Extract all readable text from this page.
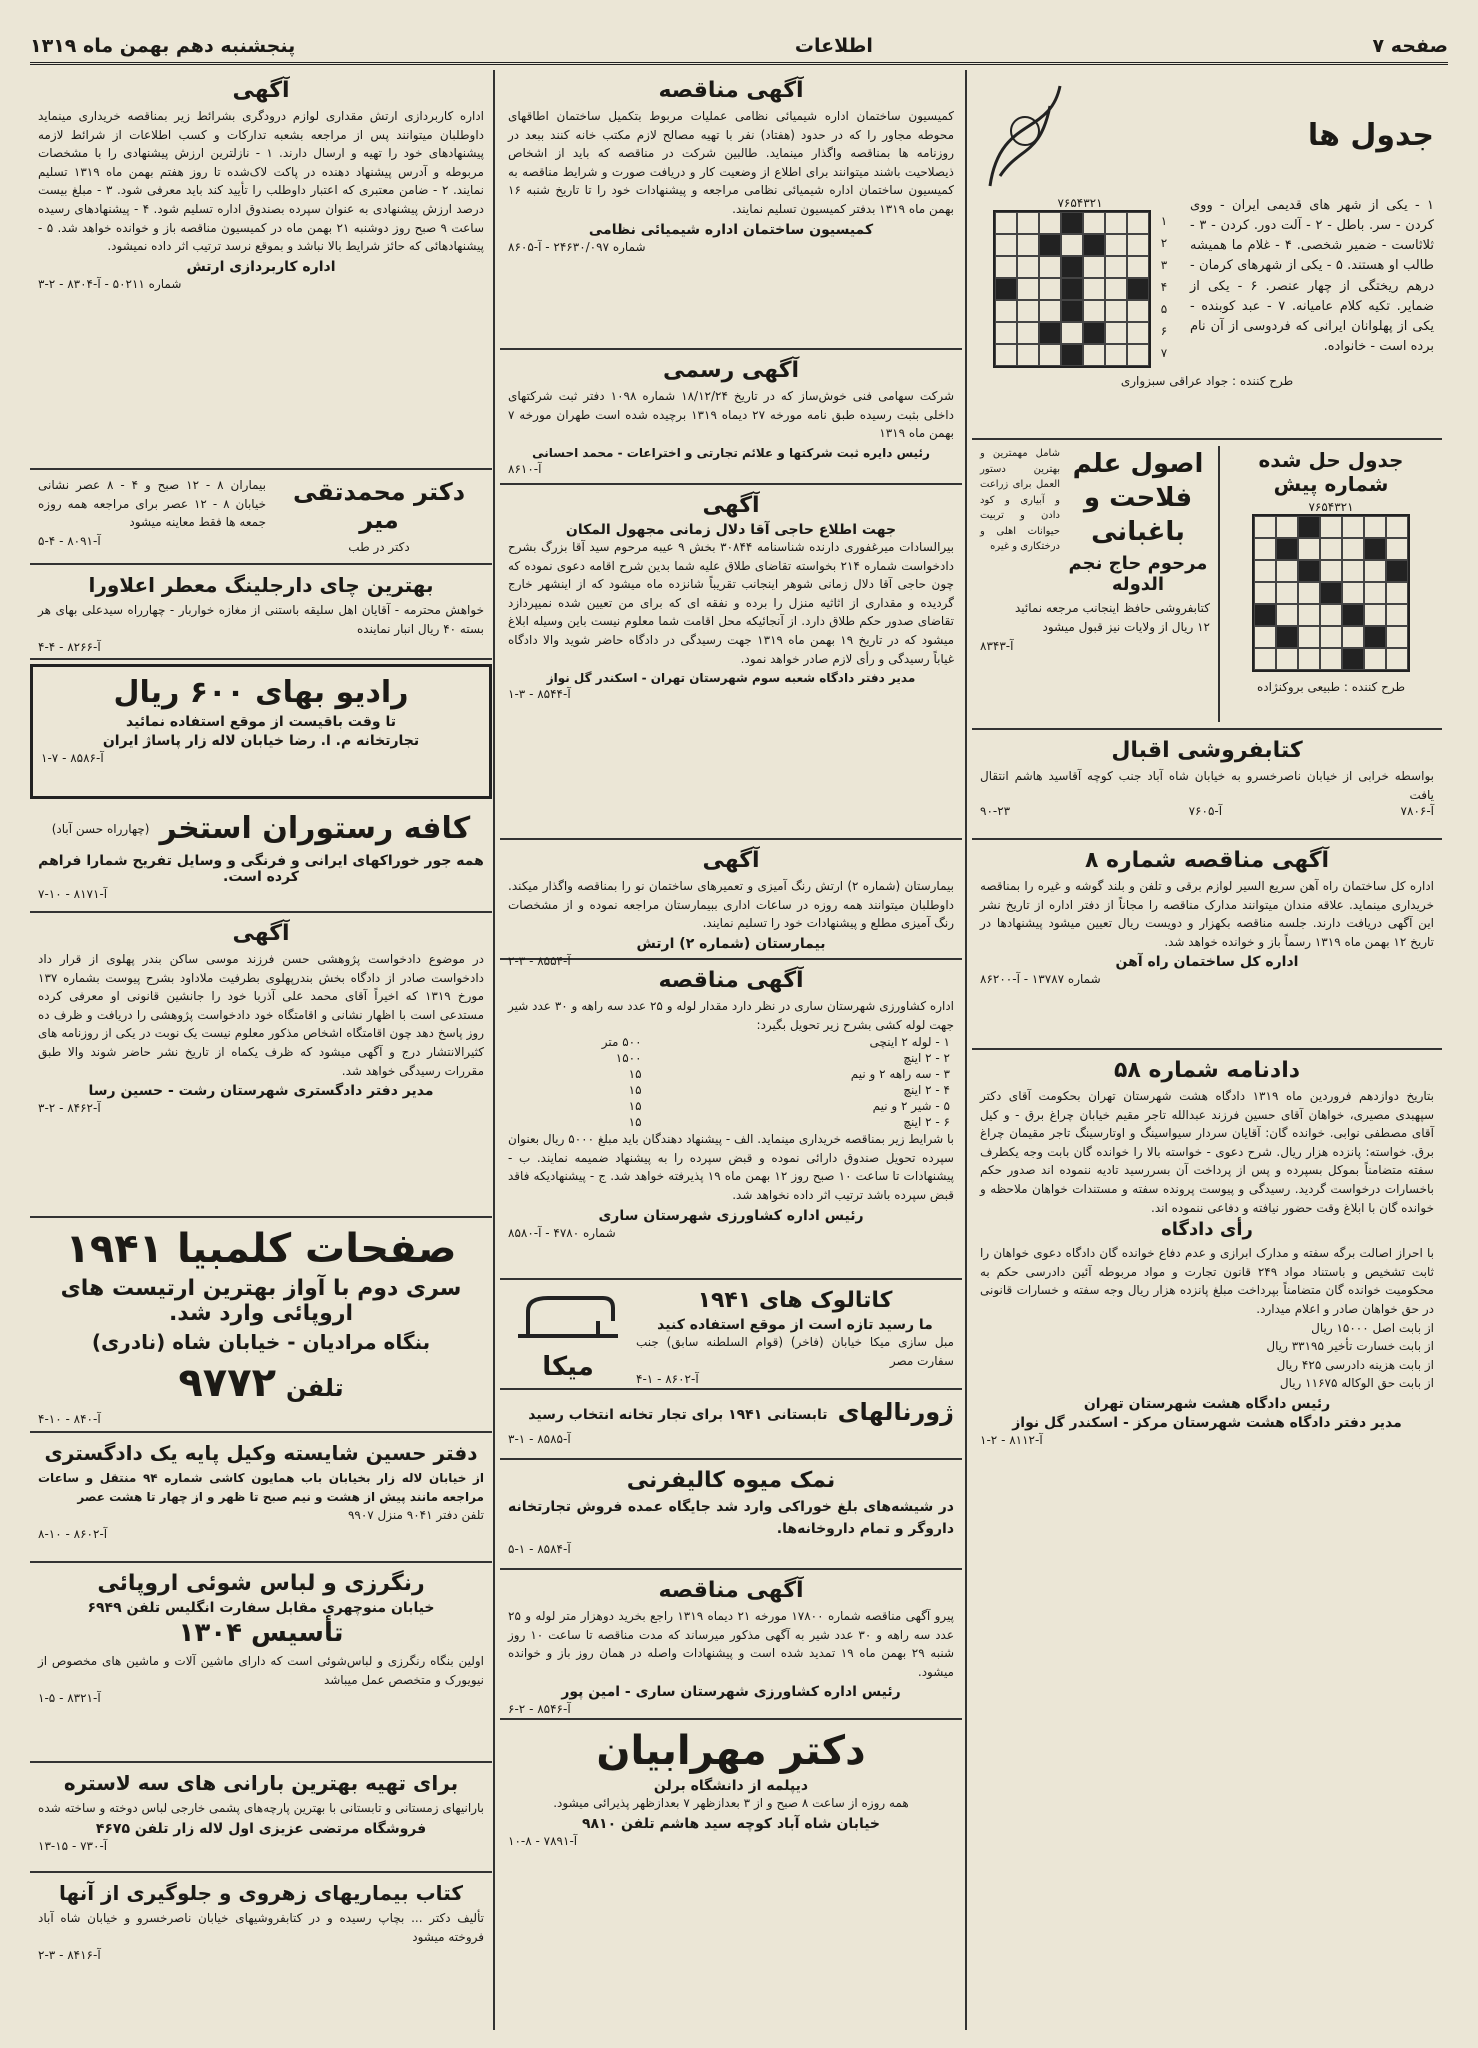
صفحه ۷
اطلاعات
پنجشنبه دهم بهمن ماه ۱۳۱۹
جدول ها
۱ - یکی از شهر های قدیمی ایران - ووی کردن - سر. باطل - ۲ - آلت دور. کردن - ۳ - ثلاثاست - ضمیر شخصی. ۴ - غلام ما همیشه طالب او هستند. ۵ - یکی از شهرهای کرمان - درهم ریختگی از چهار عنصر. ۶ - یکی از ضمایر. تکیه کلام عامیانه. ۷ - عبد کوبنده - یکی از پهلوانان ایرانی که فردوسی از آن نام برده است - خانواده.
۷۶۵۴۳۲۱
۱
۲
۳
۴
۵
۶
۷
طرح کننده : جواد عراقی سبزواری
جدول حل شده شماره پیش
۷۶۵۴۳۲۱
طرح کننده : طبیعی بروکنژاده
اصول علم فلاحت و باغبانی
مرحوم حاج نجم الدوله
شامل مهمترین و بهترین دستور العمل برای زراعت و آبیاری و کود دادن و تربیت حیوانات اهلی و درختکاری و غیره
کتابفروشی حافظ اینجانب مرجعه نمائید
۱۲ ریال از ولایات نیز قبول میشود
آ-۸۳۴۳
کتابفروشی اقبال
بواسطه خرابی از خیابان ناصرخسرو به خیابان شاه آباد جنب کوچه آقاسید هاشم انتقال یافت
آ-۷۸۰۶
آ-۷۶۰۵
۹۰-۲۳
آگهی مناقصه شماره ۸
اداره کل ساختمان راه آهن سریع السیر لوازم برقی و تلفن و بلند گوشه و غیره را بمناقصه خریداری مینماید. علاقه مندان میتوانند مدارک مناقصه را مجاناً از دفتر اداره از تاریخ نشر این آگهی دریافت دارند. جلسه مناقصه بکهزار و دویست ریال تعیین میشود پیشنهادها در تاریخ ۱۲ بهمن ماه ۱۳۱۹ رسماً باز و خوانده خواهد شد.
اداره کل ساختمان راه آهن
شماره ۱۳۷۸۷ - آ-۸۶۲۰۰
دادنامه شماره ۵۸
بتاریخ دوازدهم فروردین ماه ۱۳۱۹ دادگاه هشت شهرستان تهران بحکومت آقای دکتر سپهبدی مصیری، خواهان آقای حسین فرزند عبدالله تاجر مقیم خیابان چراغ برق - و کیل آقای مصطفی نوابی. خوانده گان: آقایان سردار سیواسینگ و اوتارسینگ تاجر مقیمان چراغ برق. خواسته: پانزده هزار ریال. شرح دعوی - خواسته بالا را خوانده گان بابت وجه یکطرف سفته متضامناً بموکل بسپرده و پس از پرداخت آن بسررسید تادیه ننموده اند صدور حکم باخسارات درخواست گردید. رسیدگی و پیوست پرونده سفته و مستندات خواهان ملاحظه و خوانده گان با ابلاغ وقت حضور نیافته و دفاعی ننموده اند.
رأی دادگاه
با احراز اصالت برگه سفته و مدارک ابرازی و عدم دفاع خوانده گان دادگاه دعوی خواهان را ثابت تشخیص و باستناد مواد ۲۴۹ قانون تجارت و مواد مربوطه آئین دادرسی حکم به محکومیت خوانده گان متضامناً بپرداخت مبلغ پانزده هزار ریال وجه سفته و خسارات قانونی در حق خواهان صادر و اعلام میدارد.
از بابت اصل ۱۵۰۰۰ ریال
از بابت خسارت تأخیر ۳۳۱۹۵ ریال
از بابت هزینه دادرسی ۴۲۵ ریال
از بابت حق الوکاله ۱۱۶۷۵ ریال
رئیس دادگاه هشت شهرستان تهران
مدیر دفتر دادگاه هشت شهرستان مرکز - اسکندر گل نواز
آ-۸۱۱۲ - ۲-۱
آگهی مناقصه
کمیسیون ساختمان اداره شیمیائی نظامی عملیات مربوط بتکمیل ساختمان اطاقهای محوطه مجاور را که در حدود (هفتاد) نفر با تهیه مصالح لازم مکتب خانه کنند ببعد در روزنامه ها بمناقصه واگذار مینماید. طالبین شرکت در مناقصه که باید از اشخاص ذیصلاحیت باشند میتوانند برای اطلاع از وضعیت کار و دریافت صورت و شرایط مناقصه به کمیسیون ساختمان اداره شیمیائی نظامی مراجعه و پیشنهادات خود را تا تاریخ شنبه ۱۶ بهمن ماه ۱۳۱۹ بدفتر کمیسیون تسلیم نمایند.
کمیسیون ساختمان اداره شیمیائی نظامی
شماره ۲۴۶۳۰/۰۹۷ - آ-۸۶۰۵
آگهی رسمی
شرکت سهامی فنی خوش‌ساز که در تاریخ ۱۸/۱۲/۲۴ شماره ۱۰۹۸ دفتر ثبت شرکتهای داخلی بثبت رسیده طبق نامه مورخه ۲۷ دیماه ۱۳۱۹ برچیده شده است طهران مورخه ۷ بهمن ماه ۱۳۱۹
رئیس دایره ثبت شرکتها و علائم تجارتی و اختراعات - محمد احسانی
آ-۸۶۱۰
آگهی
جهت اطلاع حاجی آقا دلال زمانی مجهول المکان
بیرالسادات میرغفوری دارنده شناسنامه ۳۰۸۴۴ بخش ۹ عیبه مرحوم سید آقا بزرگ بشرح دادخواست شماره ۲۱۴ بخواسته تقاضای طلاق علیه شما بدین شرح اقامه دعوی نموده که چون حاجی آقا دلال زمانی شوهر اینجانب تقریباً شانزده ماه میشود که از اینشهر خارج گردیده و مقداری از اثاثیه منزل را برده و نفقه ای که برای من تعیین شده نمیپردازد تقاضای صدور حکم طلاق دارد. از آنجائیکه محل اقامت شما معلوم نیست باین وسیله ابلاغ میشود که در تاریخ ۱۹ بهمن ماه ۱۳۱۹ جهت رسیدگی در دادگاه حاضر شوید والا دادگاه غیاباً رسیدگی و رأی لازم صادر خواهد نمود.
مدیر دفتر دادگاه شعبه سوم شهرستان تهران - اسکندر گل نواز
آ-۸۵۴۴ - ۳-۱
آگهی
بیمارستان (شماره ۲) ارتش رنگ آمیزی و تعمیرهای ساختمان نو را بمناقصه واگذار میکند. داوطلبان میتوانند همه روزه در ساعات اداری ببیمارستان مراجعه نموده و از مشخصات رنگ آمیزی مطلع و پیشنهادات خود را تسلیم نمایند.
بیمارستان (شماره ۲) ارتش
آ-۸۵۵۴ - ۳-۲
آگهی مناقصه
اداره کشاورزی شهرستان ساری در نظر دارد مقدار لوله و ۲۵ عدد سه راهه و ۳۰ عدد شیر جهت لوله کشی بشرح زیر تحویل بگیرد:
۱ - لوله ۲ اینچی	۵۰۰ متر
۲ - ۲ اینچ	۱۵۰۰
۳ - سه راهه ۲ و نیم	۱۵
۴ - ۲ اینچ	۱۵
۵ - شیر ۲ و نیم	۱۵
۶ - ۲ اینچ	۱۵
با شرایط زیر بمناقصه خریداری مینماید. الف - پیشنهاد دهندگان باید مبلغ ۵۰۰۰ ریال بعنوان سپرده تحویل صندوق دارائی نموده و قبض سپرده را به پیشنهاد ضمیمه نمایند. ب - پیشنهادات تا ساعت ۱۰ صبح روز ۱۲ بهمن ماه ۱۹ پذیرفته خواهد شد. ج - پیشنهادیکه فاقد قبض سپرده باشد ترتیب اثر داده نخواهد شد.
رئیس اداره کشاورزی شهرستان ساری
شماره ۴۷۸۰ - آ-۸۵۸۰
کاتالوک های ۱۹۴۱
ما رسید تازه است از موقع استفاده کنید
مبل سازی میکا خیابان (فاخر) (قوام السلطنه سابق) جنب سفارت مصر
آ-۸۶۰۲ - ۱-۴
میکا
ژورنالهای
تابستانی ۱۹۴۱ برای تجار تخانه انتخاب رسید
آ-۸۵۸۵ - ۱-۳
نمک میوه کالیفرنی
در شیشه‌های بلغ خوراکی وارد شد جایگاه عمده فروش تجارتخانه داروگر و تمام داروخانه‌ها.
آ-۸۵۸۴ - ۱-۵
آگهی مناقصه
پیرو آگهی مناقصه شماره ۱۷۸۰۰ مورخه ۲۱ دیماه ۱۳۱۹ راجع بخرید دوهزار متر لوله و ۲۵ عدد سه راهه و ۳۰ عدد شیر به آگهی مذکور میرساند که مدت مناقصه تا ساعت ۱۰ روز شنبه ۲۹ بهمن ماه ۱۹ تمدید شده است و پیشنهادات واصله در همان روز باز و خوانده میشود.
رئیس اداره کشاورزی شهرستان ساری - امین پور
آ-۸۵۴۶ - ۲-۶
دکتر مهرابیان
دیپلمه از دانشگاه برلن
همه روزه از ساعت ۸ صبح و از ۳ بعدازظهر ۷ بعدازظهر پذیرائی میشود.
خیابان شاه آباد کوچه سید هاشم تلفن ۹۸۱۰
آ-۷۸۹۱ - ۸-۱۰
آگهی
اداره کاربردازی ارتش مقداری لوازم درودگری بشرائط زیر بمناقصه خریداری مینماید داوطلبان میتوانند پس از مراجعه بشعبه تدارکات و کسب اطلاعات از شرائط لازمه پیشنهادهای خود را تهیه و ارسال دارند. ۱ - نازلترین ارزش پیشنهادی را با مشخصات مربوطه و آدرس پیشنهاد دهنده در پاکت لاک‌شده تا روز هفتم بهمن ماه ۱۳۱۹ تسلیم نمایند. ۲ - ضامن معتبری که اعتبار داوطلب را تأیید کند باید معرفی شود. ۳ - مبلغ بیست درصد ارزش پیشنهادی به عنوان سپرده بصندوق اداره تسلیم شود. ۴ - پیشنهادهای رسیده ساعت ۹ صبح روز دوشنبه ۲۱ بهمن ماه در کمیسیون مناقصه باز و خوانده خواهد شد. ۵ - پیشنهادهائی که حائز شرایط بالا نباشد و بموقع نرسد ترتیب اثر داده نمیشود.
اداره کاربردازی ارتش
شماره ۵۰۲۱۱ - آ-۸۳۰۴ - ۲-۳
دکتر محمدتقی میر
دکتر در طب
بیماران ۸ - ۱۲ صبح و ۴ - ۸ عصر نشانی خیابان ۸ - ۱۲ عصر برای مراجعه همه روزه جمعه ها فقط معاینه میشود
آ-۸۰۹۱ - ۴-۵
بهترین چای دارجلینگ معطر اعلاورا
خواهش محترمه - آقایان اهل سلیقه باستنی از مغازه خواربار - چهارراه سیدعلی بهای هر بسته ۴۰ ریال انبار نماینده
آ-۸۲۶۶ - ۴-۴
رادیو بهای ۶۰۰ ریال
تا وقت باقیست از موقع استفاده نمائید
تجارتخانه م. ا. رضا خیابان لاله زار پاساژ ایران
آ-۸۵۸۶ - ۷-۱
کافه رستوران استخر
(چهارراه حسن آباد)
همه جور خوراکهای ایرانی و فرنگی و وسایل تفریح شمارا فراهم کرده است.
آ-۸۱۷۱ - ۱۰-۷
آگهی
در موضوع دادخواست پژوهشی حسن فرزند موسی ساکن بندر پهلوی از قرار داد دادخواست صادر از دادگاه بخش بندرپهلوی بطرفیت ملاداود بشرح پیوست بشماره ۱۳۷ مورخ ۱۳۱۹ که اخیراً آقای محمد علی آذربا خود را جانشین قانونی او معرفی کرده مستدعی است با اظهار نشانی و اقامتگاه خود دادخواست پژوهشی را دریافت و ظرف ده روز پاسخ دهد چون اقامتگاه اشخاص مذکور معلوم نیست یک نوبت در یکی از روزنامه های کثیرالانتشار درج و آگهی میشود که ظرف یکماه از تاریخ نشر حاضر شوند والا طبق مقررات رسیدگی خواهد شد.
مدیر دفتر دادگستری شهرستان رشت - حسین رسا
آ-۸۴۶۲ - ۲-۳
صفحات کلمبیا ۱۹۴۱
سری دوم با آواز بهترین ارتیست های اروپائی وارد شد.
بنگاه مرادیان - خیابان شاه (نادری)
تلفن
۹۷۷۲
آ-۸۴۰ - ۱۰-۴
دفتر حسین شایسته وکیل پایه یک دادگستری
از خیابان لاله زار بخیابان باب همایون کاشی شماره ۹۴ منتقل و ساعات مراجعه مانند پیش از هشت و نیم صبح تا ظهر و از چهار تا هشت عصر
تلفن دفتر ۹۰۴۱ منزل ۹۹۰۷
آ-۸۶۰۲ - ۱۰-۸
رنگرزی و لباس شوئی اروپائی
خیابان منوچهری مقابل سفارت انگلیس تلفن ۶۹۴۹
تأسیس ۱۳۰۴
اولین بنگاه رنگرزی و لباس‌شوئی است که دارای ماشین آلات و ماشین های مخصوص از نیویورک و متخصص عمل میباشد
آ-۸۳۲۱ - ۵-۱
برای تهیه بهترین بارانی های سه لاستره
بارانیهای زمستانی و تابستانی با بهترین پارچه‌های پشمی خارجی لباس دوخته و ساخته شده
فروشگاه مرتضی عزیزی اول لاله زار تلفن ۴۶۷۵
آ-۷۳۰ - ۱۵-۱۳
کتاب بیماریهای زهروی و جلوگیری از آنها
تألیف دکتر ... بچاپ رسیده و در کتابفروشیهای خیابان ناصرخسرو و خیابان شاه آباد فروخته میشود
آ-۸۴۱۶ - ۳-۲
